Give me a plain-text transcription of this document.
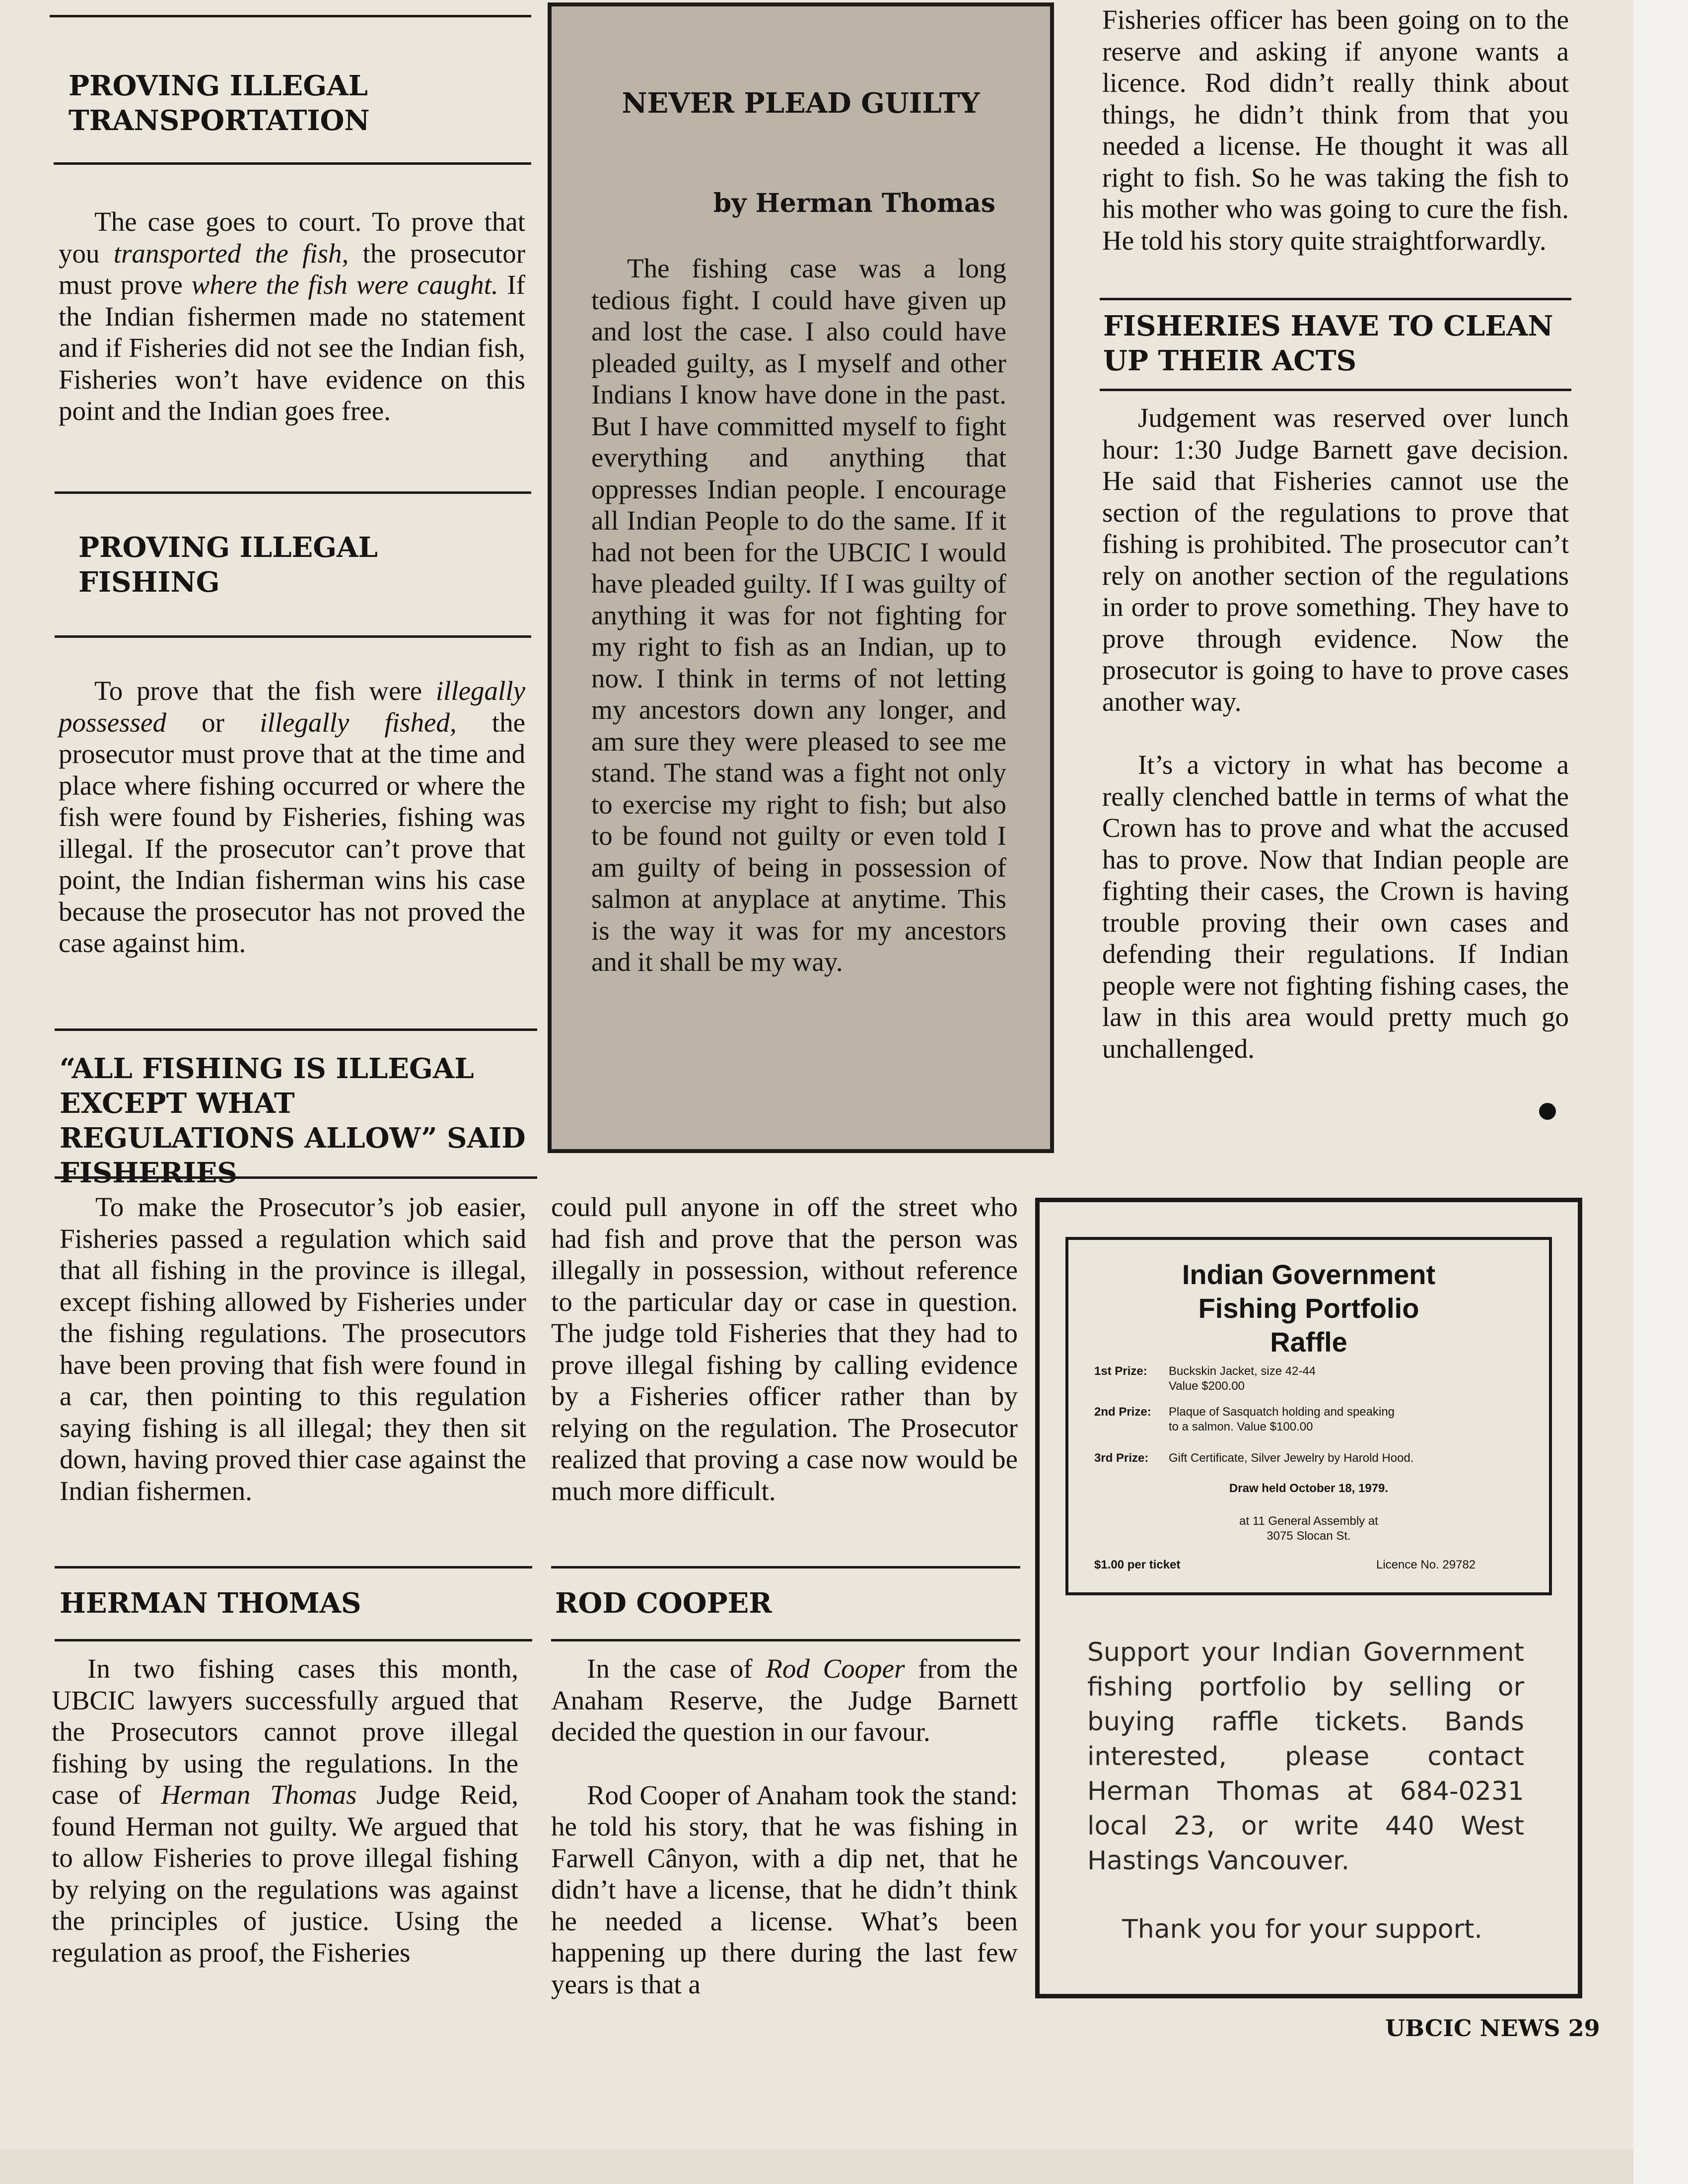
PROVING ILLEGAL TRANSPORTATION

The case goes to court. To prove that you transported the fish, the prosecutor must prove where the fish were caught. If the Indian fishermen made no statement and if Fisheries did not see the Indian fish, Fisheries won’t have evidence on this point and the Indian goes free.

PROVING ILLEGAL FISHING

To prove that the fish were illegally possessed or illegally fished, the prosecutor must prove that at the time and place where fishing occurred or where the fish were found by Fisheries, fishing was illegal. If the prosecutor can’t prove that point, the Indian fisherman wins his case because the prosecutor has not proved the case against him.

“ALL FISHING IS ILLEGAL EXCEPT WHAT REGULATIONS ALLOW” SAID FISHERIES

To make the Prosecutor’s job easier, Fisheries passed a regulation which said that all fishing in the province is illegal, except fishing allowed by Fisheries under the fishing regulations. The prosecutors have been proving that fish were found in a car, then pointing to this regulation saying fishing is all illegal; they then sit down, having proved thier case against the Indian fishermen.

HERMAN THOMAS

In two fishing cases this month, UBCIC lawyers successfully argued that the Prosecutors cannot prove illegal fishing by using the regulations. In the case of Herman Thomas Judge Reid, found Herman not guilty. We argued that to allow Fisheries to prove illegal fishing by relying on the regulations was against the principles of justice. Using the regulation as proof, the Fisheries

NEVER PLEAD GUILTY
by Herman Thomas

The fishing case was a long tedious fight. I could have given up and lost the case. I also could have pleaded guilty, as I myself and other Indians I know have done in the past. But I have committed myself to fight everything and anything that oppresses Indian people. I encourage all Indian People to do the same. If it had not been for the UBCIC I would have pleaded guilty. If I was guilty of anything it was for not fighting for my right to fish as an Indian, up to now. I think in terms of not letting my ancestors down any longer, and am sure they were pleased to see me stand. The stand was a fight not only to exercise my right to fish; but also to be found not guilty or even told I am guilty of being in possession of salmon at anyplace at anytime. This is the way it was for my ancestors and it shall be my way.

could pull anyone in off the street who had fish and prove that the person was illegally in possession, without reference to the particular day or case in question. The judge told Fisheries that they had to prove illegal fishing by calling evidence by a Fisheries officer rather than by relying on the regulation. The Prosecutor realized that proving a case now would be much more difficult.

ROD COOPER

In the case of Rod Cooper from the Anaham Reserve, the Judge Barnett decided the question in our favour.

Rod Cooper of Anaham took the stand: he told his story, that he was fishing in Farwell Cânyon, with a dip net, that he didn’t have a license, that he didn’t think he needed a license. What’s been happening up there during the last few years is that a

Fisheries officer has been going on to the reserve and asking if anyone wants a licence. Rod didn’t really think about things, he didn’t think from that you needed a license. He thought it was all right to fish. So he was taking the fish to his mother who was going to cure the fish. He told his story quite straightforwardly.

FISHERIES HAVE TO CLEAN UP THEIR ACTS

Judgement was reserved over lunch hour: 1:30 Judge Barnett gave decision. He said that Fisheries cannot use the section of the regulations to prove that fishing is prohibited. The prosecutor can’t rely on another section of the regulations in order to prove something. They have to prove through evidence. Now the prosecutor is going to have to prove cases another way.

It’s a victory in what has become a really clenched battle in terms of what the Crown has to prove and what the accused has to prove. Now that Indian people are fighting their cases, the Crown is having trouble proving their own cases and defending their regulations. If Indian people were not fighting fishing cases, the law in this area would pretty much go unchallenged.

Indian Government
Fishing Portfolio
Raffle
1st Prize:	Buckskin Jacket, size 42-44
Value $200.00
2nd Prize:	Plaque of Sasquatch holding and speaking
to a salmon. Value $100.00
3rd Prize:	Gift Certificate, Silver Jewelry by Harold Hood.
Draw held October 18, 1979.
at 11 General Assembly at
3075 Slocan St.
$1.00 per ticket	Licence No. 29782

Support your Indian Government fishing portfolio by selling or buying raffle tickets. Bands interested, please contact Herman Thomas at 684-0231 local 23, or write 440 West Hastings Vancouver.

Thank you for your support.

UBCIC NEWS 29
